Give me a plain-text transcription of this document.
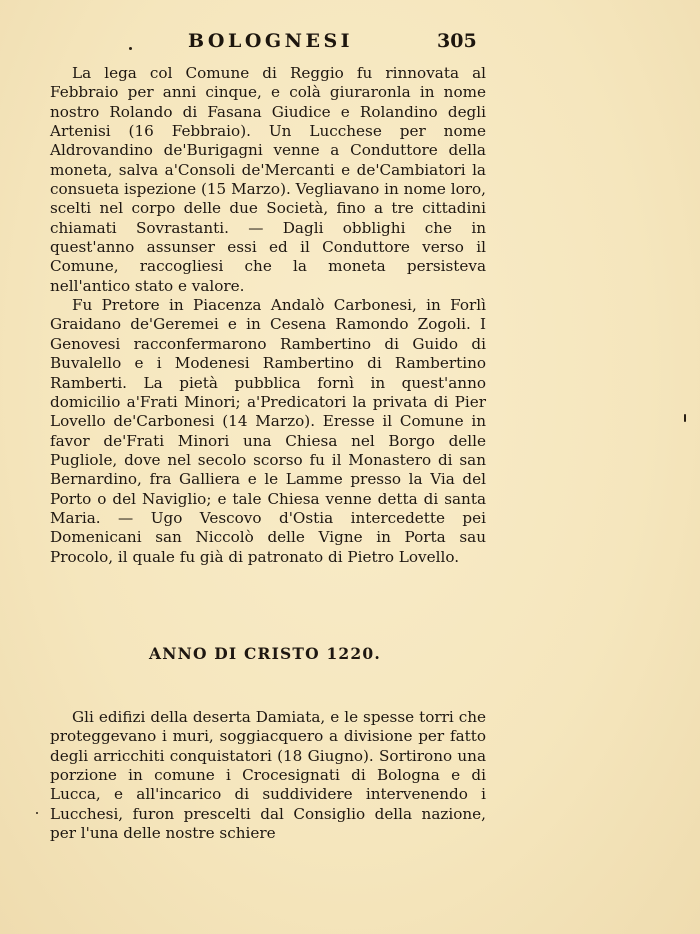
BOLOGNESI	305

La lega col Comune di Reggio fu rinnovata al Febbraio per anni cinque, e colà giuraronla in nome nostro Rolando di Fasana Giudice e Rolandino degli Artenisi (16 Febbraio). Un Lucchese per nome Aldrovandino de'Burigagni venne a Conduttore della moneta, salva a'Consoli de'Mercanti e de'Cambiatori la consueta ispezione (15 Marzo). Vegliavano in nome loro, scelti nel corpo delle due Società, fino a tre cittadini chiamati Sovrastanti. — Dagli obblighi che in quest'anno assunser essi ed il Conduttore verso il Comune, raccogliesi che la moneta persisteva nell'antico stato e valore.

Fu Pretore in Piacenza Andalò Carbonesi, in Forlì Graidano de'Geremei e in Cesena Ramondo Zogoli. I Genovesi racconfermarono Rambertino di Guido di Buvalello e i Modenesi Rambertino di Rambertino Ramberti. La pietà pubblica fornì in quest'anno domicilio a'Frati Minori; a'Predicatori la privata di Pier Lovello de'Carbonesi (14 Marzo). Eresse il Comune in favor de'Frati Minori una Chiesa nel Borgo delle Pugliole, dove nel secolo scorso fu il Monastero di san Bernardino, fra Galliera e le Lamme presso la Via del Porto o del Naviglio; e tale Chiesa venne detta di santa Maria. — Ugo Vescovo d'Ostia intercedette pei Domenicani san Niccolò delle Vigne in Porta sau Procolo, il quale fu già di patronato di Pietro Lovello.

ANNO DI CRISTO 1220.

Gli edifizi della deserta Damiata, e le spesse torri che proteggevano i muri, soggiacquero a divisione per fatto degli arricchiti conquistatori (18 Giugno). Sortirono una porzione in comune i Crocesignati di Bologna e di Lucca, e all'incarico di suddividere intervenendo i Lucchesi, furon prescelti dal Consiglio della nazione, per l'una delle nostre schiere
